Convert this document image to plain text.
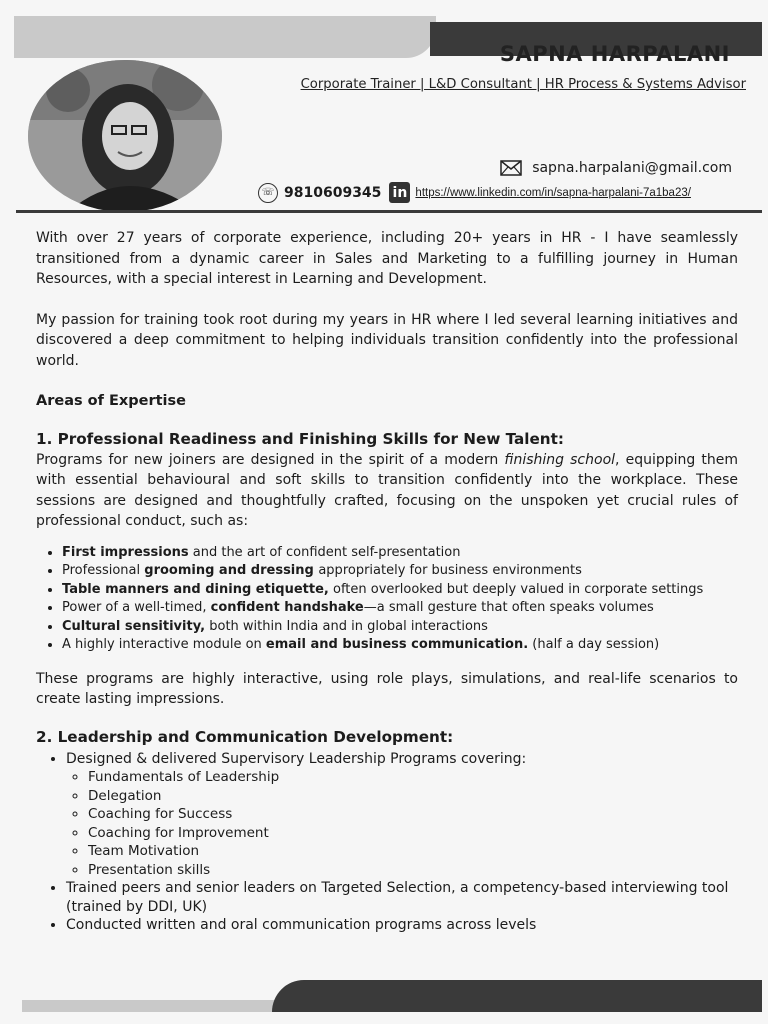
SAPNA HARPALANI
Corporate Trainer | L&D Consultant | HR Process & Systems Advisor
sapna.harpalani@gmail.com
☏ 9810609345 in https://www.linkedin.com/in/sapna-harpalani-7a1ba23/

With over 27 years of corporate experience, including 20+ years in HR - I have seamlessly transitioned from a dynamic career in Sales and Marketing to a fulfilling journey in Human Resources, with a special interest in Learning and Development.

My passion for training took root during my years in HR where I led several learning initiatives and discovered a deep commitment to helping individuals transition confidently into the professional world.

Areas of Expertise

1. Professional Readiness and Finishing Skills for New Talent:

Programs for new joiners are designed in the spirit of a modern finishing school, equipping them with essential behavioural and soft skills to transition confidently into the workplace. These sessions are designed and thoughtfully crafted, focusing on the unspoken yet crucial rules of professional conduct, such as:

• First impressions and the art of confident self-presentation
• Professional grooming and dressing appropriately for business environments
• Table manners and dining etiquette, often overlooked but deeply valued in corporate settings
• Power of a well-timed, confident handshake—a small gesture that often speaks volumes
• Cultural sensitivity, both within India and in global interactions
• A highly interactive module on email and business communication. (half a day session)

These programs are highly interactive, using role plays, simulations, and real-life scenarios to create lasting impressions.

2. Leadership and Communication Development:

• Designed & delivered Supervisory Leadership Programs covering:
◦ Fundamentals of Leadership
◦ Delegation
◦ Coaching for Success
◦ Coaching for Improvement
◦ Team Motivation
◦ Presentation skills
• Trained peers and senior leaders on Targeted Selection, a competency-based interviewing tool (trained by DDI, UK)
• Conducted written and oral communication programs across levels
